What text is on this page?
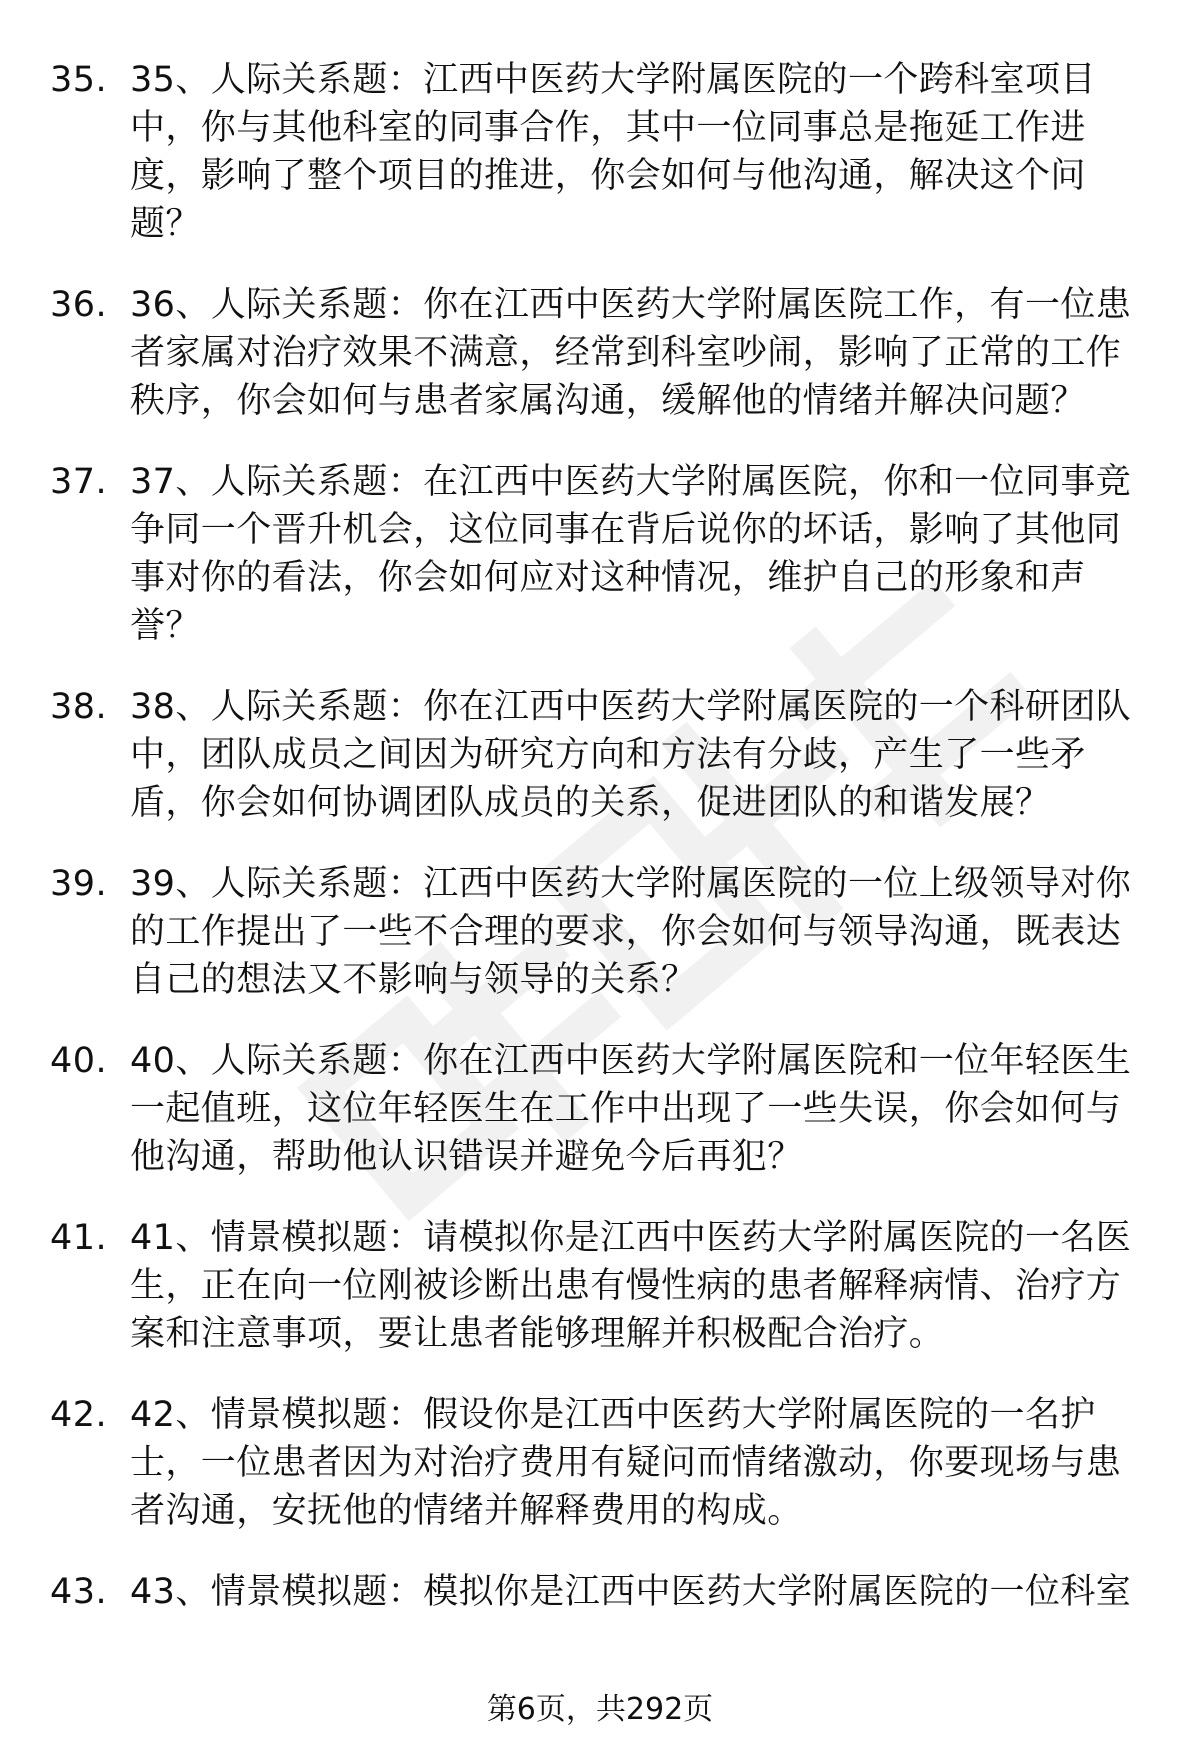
35. 35、人际关系题：江西中医药大学附属医院的一个跨科室项目中，你与其他科室的同事合作，其中一位同事总是拖延工作进度，影响了整个项目的推进，你会如何与他沟通，解决这个问题？
36. 36、人际关系题：你在江西中医药大学附属医院工作，有一位患者家属对治疗效果不满意，经常到科室吵闹，影响了正常的工作秩序，你会如何与患者家属沟通，缓解他的情绪并解决问题？
37. 37、人际关系题：在江西中医药大学附属医院，你和一位同事竞争同一个晋升机会，这位同事在背后说你的坏话，影响了其他同事对你的看法，你会如何应对这种情况，维护自己的形象和声誉？
38. 38、人际关系题：你在江西中医药大学附属医院的一个科研团队中，团队成员之间因为研究方向和方法有分歧，产生了一些矛盾，你会如何协调团队成员的关系，促进团队的和谐发展？
39. 39、人际关系题：江西中医药大学附属医院的一位上级领导对你的工作提出了一些不合理的要求，你会如何与领导沟通，既表达自己的想法又不影响与领导的关系？
40. 40、人际关系题：你在江西中医药大学附属医院和一位年轻医生一起值班，这位年轻医生在工作中出现了一些失误，你会如何与他沟通，帮助他认识错误并避免今后再犯？
41. 41、情景模拟题：请模拟你是江西中医药大学附属医院的一名医生，正在向一位刚被诊断出患有慢性病的患者解释病情、治疗方案和注意事项，要让患者能够理解并积极配合治疗。
42. 42、情景模拟题：假设你是江西中医药大学附属医院的一名护士，一位患者因为对治疗费用有疑问而情绪激动，你要现场与患者沟通，安抚他的情绪并解释费用的构成。
43. 43、情景模拟题：模拟你是江西中医药大学附属医院的一位科室
第6页，共292页
